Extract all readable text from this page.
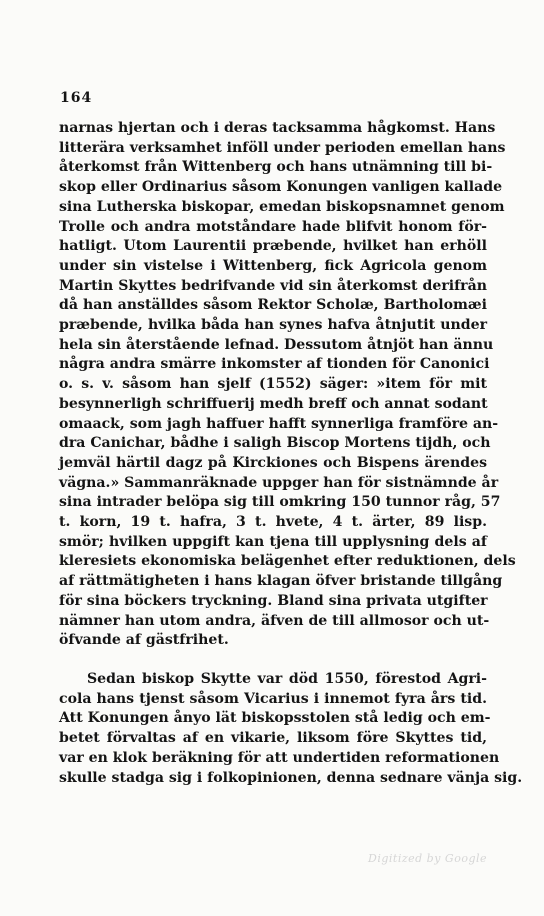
164
narnas hjertan och i deras tacksamma hågkomst. Hans
litterära verksamhet inföll under perioden emellan hans
återkomst från Wittenberg och hans utnämning till bi-
skop eller Ordinarius såsom Konungen vanligen kallade
sina Lutherska biskopar, emedan biskopsnamnet genom
Trolle och andra motståndare hade blifvit honom för-
hatligt. Utom Laurentii præbende, hvilket han erhöll
under sin vistelse i Wittenberg, fick Agricola genom
Martin Skyttes bedrifvande vid sin återkomst derifrån
då han anställdes såsom Rektor Scholæ, Bartholomæi
præbende, hvilka båda han synes hafva åtnjutit under
hela sin återstående lefnad. Dessutom åtnjöt han ännu
några andra smärre inkomster af tionden för Canonici
o. s. v. såsom han sjelf (1552) säger: »item för mit
besynnerligh schriffuerij medh breff och annat sodant
omaack, som jagh haffuer hafft synnerliga framföre an-
dra Canichar, bådhe i saligh Biscop Mortens tijdh, och
jemväl härtil dagz på Kirckiones och Bispens ärendes
vägna.» Sammanräknade uppger han för sistnämnde år
sina intrader belöpa sig till omkring 150 tunnor råg, 57
t. korn, 19 t. hafra, 3 t. hvete, 4 t. ärter, 89 lisp.
smör; hvilken uppgift kan tjena till upplysning dels af
kleresiets ekonomiska belägenhet efter reduktionen, dels
af rättmätigheten i hans klagan öfver bristande tillgång
för sina böckers tryckning. Bland sina privata utgifter
nämner han utom andra, äfven de till allmosor och ut-
öfvande af gästfrihet.
Sedan biskop Skytte var död 1550, förestod Agri-
cola hans tjenst såsom Vicarius i innemot fyra års tid.
Att Konungen ånyo lät biskopsstolen stå ledig och em-
betet förvaltas af en vikarie, liksom före Skyttes tid,
var en klok beräkning för att undertiden reformationen
skulle stadga sig i folkopinionen, denna sednare vänja sig.
Digitized by Google
